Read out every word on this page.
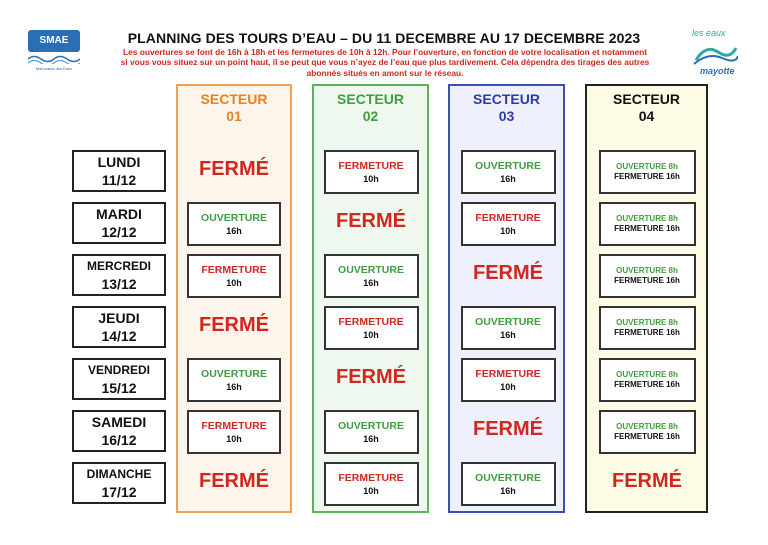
SMAE
Mahoraise des Eaux
les eaux
mayotte
PLANNING DES TOURS D’EAU – DU 11 DECEMBRE AU 17 DECEMBRE 2023
Les ouvertures se font de 16h à 18h et les fermetures de 10h à 12h. Pour l’ouverture, en fonction de votre localisation et notamment si vous vous situez sur un point haut, il se peut que vous n’ayez de l’eau que plus tardivement. Cela dépendra des tirages des autres abonnés situés en amont sur le réseau.
LUNDI
11/12
MARDI
12/12
MERCREDI
13/12
JEUDI
14/12
VENDREDI
15/12
SAMEDI
16/12
DIMANCHE
17/12
SECTEUR
01
SECTEUR
02
SECTEUR
03
SECTEUR
04
FERMÉ
OUVERTURE
16h
FERMETURE
10h
FERMÉ
OUVERTURE
16h
FERMETURE
10h
FERMÉ
FERMETURE
10h
FERMÉ
OUVERTURE
16h
FERMETURE
10h
FERMÉ
OUVERTURE
16h
FERMETURE
10h
OUVERTURE
16h
FERMETURE
10h
FERMÉ
OUVERTURE
16h
FERMETURE
10h
FERMÉ
OUVERTURE
16h
OUVERTURE 8h
FERMETURE 16h
OUVERTURE 8h
FERMETURE 16h
OUVERTURE 8h
FERMETURE 16h
OUVERTURE 8h
FERMETURE 16h
OUVERTURE 8h
FERMETURE 16h
OUVERTURE 8h
FERMETURE 16h
FERMÉ
